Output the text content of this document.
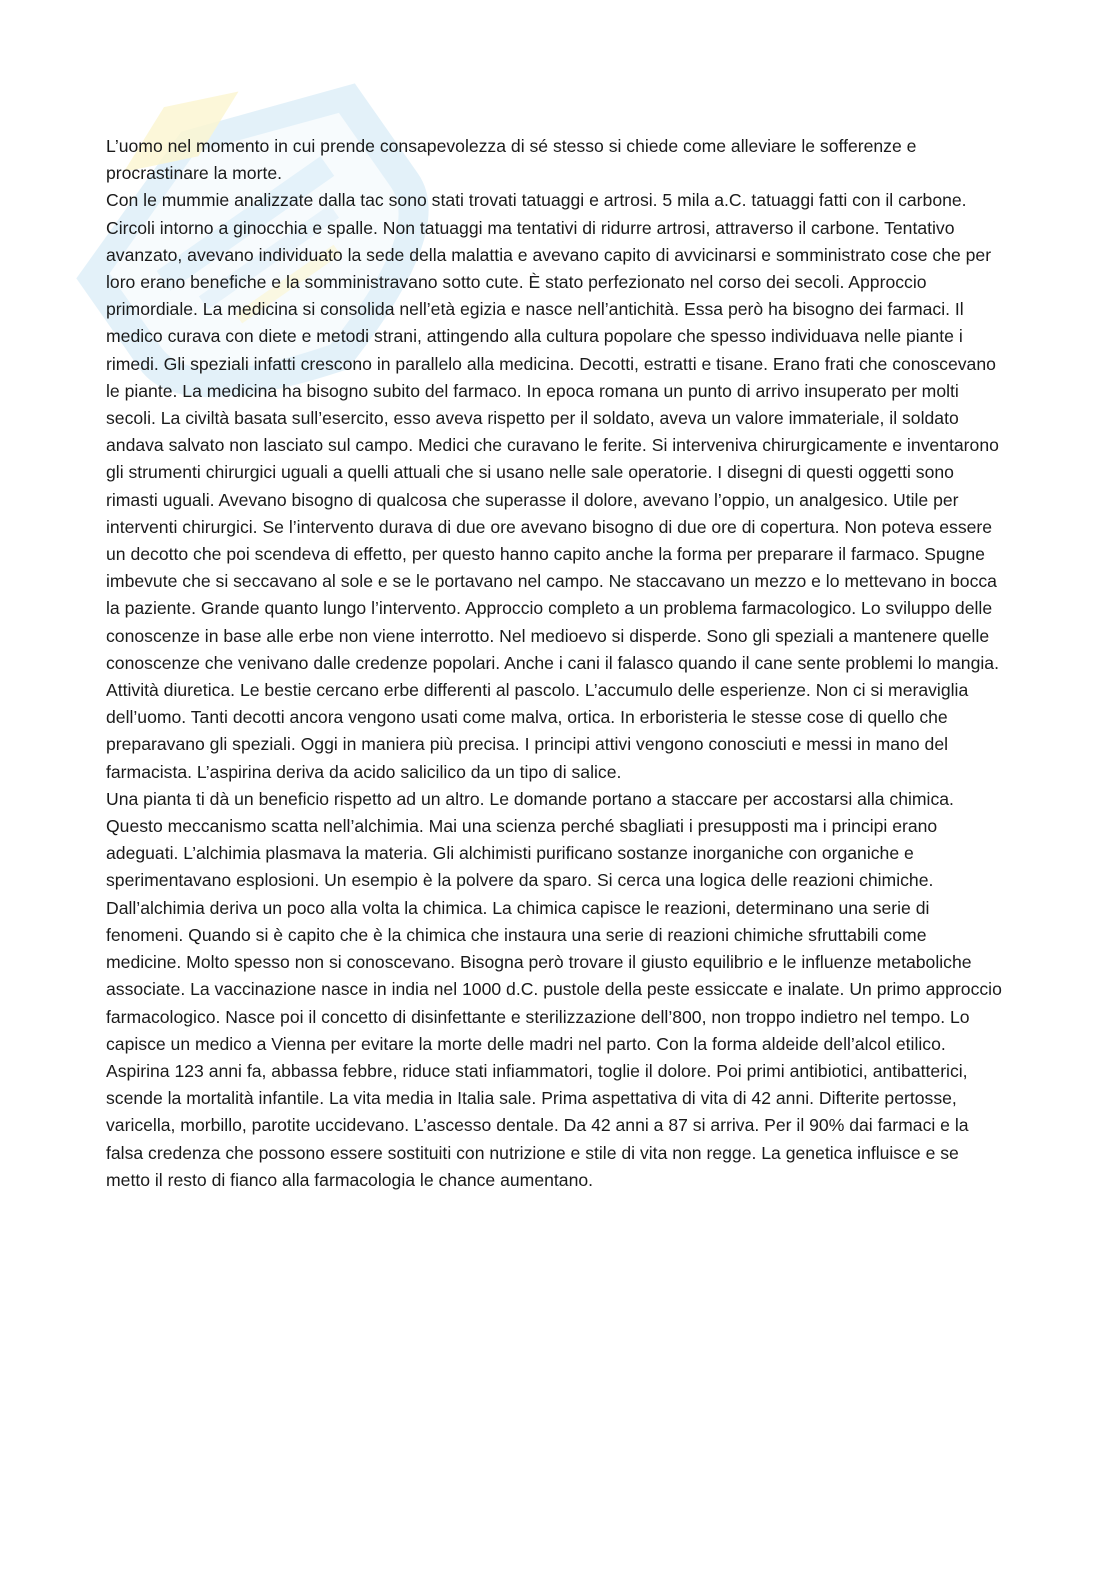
L’uomo nel momento in cui prende consapevolezza di sé stesso si chiede come alleviare le sofferenze e procrastinare la morte.

Con le mummie analizzate dalla tac sono stati trovati tatuaggi e artrosi. 5 mila a.C. tatuaggi fatti con il carbone. Circoli intorno a ginocchia e spalle. Non tatuaggi ma tentativi di ridurre artrosi, attraverso il carbone. Tentativo avanzato, avevano individuato la sede della malattia e avevano capito di avvicinarsi e somministrato cose che per loro erano benefiche e la somministravano sotto cute. È stato perfezionato nel corso dei secoli. Approccio primordiale. La medicina si consolida nell’età egizia e nasce nell’antichità. Essa però ha bisogno dei farmaci. Il medico curava con diete e metodi strani, attingendo alla cultura popolare che spesso individuava nelle piante i rimedi. Gli speziali infatti crescono in parallelo alla medicina. Decotti, estratti e tisane. Erano frati che conoscevano le piante. La medicina ha bisogno subito del farmaco. In epoca romana un punto di arrivo insuperato per molti secoli. La civiltà basata sull’esercito, esso aveva rispetto per il soldato, aveva un valore immateriale, il soldato andava salvato non lasciato sul campo. Medici che curavano le ferite. Si interveniva chirurgicamente e inventarono gli strumenti chirurgici uguali a quelli attuali che si usano nelle sale operatorie. I disegni di questi oggetti sono rimasti uguali. Avevano bisogno di qualcosa che superasse il dolore, avevano l’oppio, un analgesico. Utile per interventi chirurgici. Se l’intervento durava di due ore avevano bisogno di due ore di copertura. Non poteva essere un decotto che poi scendeva di effetto, per questo hanno capito anche la forma per preparare il farmaco. Spugne imbevute che si seccavano al sole e se le portavano nel campo. Ne staccavano un mezzo e lo mettevano in bocca la paziente. Grande quanto lungo l’intervento. Approccio completo a un problema farmacologico. Lo sviluppo delle conoscenze in base alle erbe non viene interrotto. Nel medioevo si disperde. Sono gli speziali a mantenere quelle conoscenze che venivano dalle credenze popolari. Anche i cani il falasco quando il cane sente problemi lo mangia. Attività diuretica. Le bestie cercano erbe differenti al pascolo. L’accumulo delle esperienze. Non ci si meraviglia dell’uomo. Tanti decotti ancora vengono usati come malva, ortica. In erboristeria le stesse cose di quello che preparavano gli speziali. Oggi in maniera più precisa. I principi attivi vengono conosciuti e messi in mano del farmacista. L’aspirina deriva da acido salicilico da un tipo di salice.

Una pianta ti dà un beneficio rispetto ad un altro. Le domande portano a staccare per accostarsi alla chimica. Questo meccanismo scatta nell’alchimia. Mai una scienza perché sbagliati i presupposti ma i principi erano adeguati. L’alchimia plasmava la materia. Gli alchimisti purificano sostanze inorganiche con organiche e sperimentavano esplosioni. Un esempio è la polvere da sparo. Si cerca una logica delle reazioni chimiche. Dall’alchimia deriva un poco alla volta la chimica. La chimica capisce le reazioni, determinano una serie di fenomeni. Quando si è capito che è la chimica che instaura una serie di reazioni chimiche sfruttabili come medicine. Molto spesso non si conoscevano. Bisogna però trovare il giusto equilibrio e le influenze metaboliche associate. La vaccinazione nasce in india nel 1000 d.C. pustole della peste essiccate e inalate. Un primo approccio farmacologico. Nasce poi il concetto di disinfettante e sterilizzazione dell’800, non troppo indietro nel tempo. Lo capisce un medico a Vienna per evitare la morte delle madri nel parto. Con la forma aldeide dell’alcol etilico. Aspirina 123 anni fa, abbassa febbre, riduce stati infiammatori, toglie il dolore. Poi primi antibiotici, antibatterici, scende la mortalità infantile. La vita media in Italia sale. Prima aspettativa di vita di 42 anni. Difterite pertosse, varicella, morbillo, parotite uccidevano. L’ascesso dentale. Da 42 anni a 87 si arriva. Per il 90% dai farmaci e la falsa credenza che possono essere sostituiti con nutrizione e stile di vita non regge. La genetica influisce e se metto il resto di fianco alla farmacologia le chance aumentano.
